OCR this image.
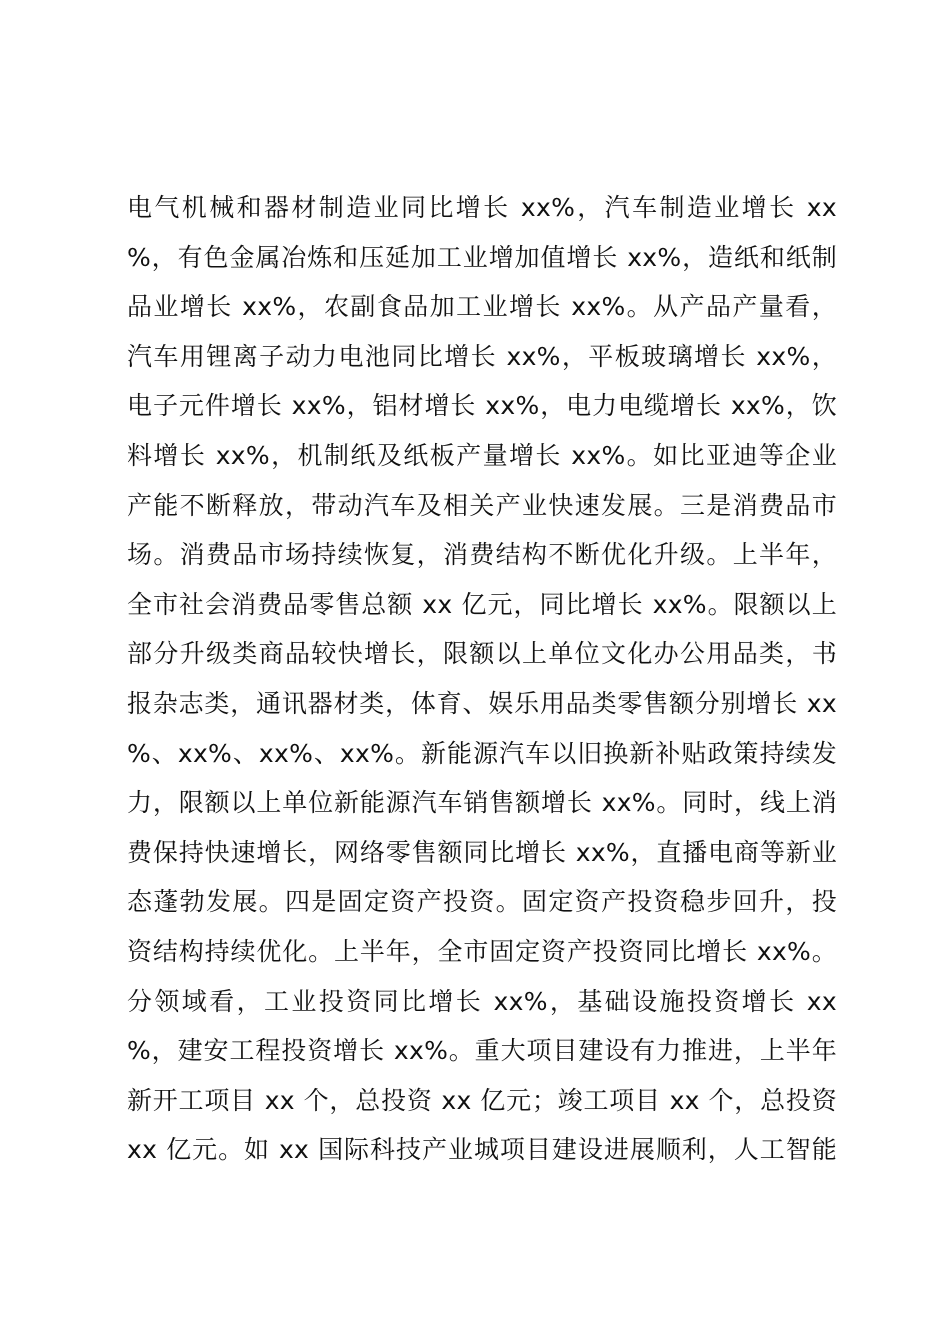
电气机械和器材制造业同比增长 xx%，汽车制造业增长 xx
%，有色金属冶炼和压延加工业增加值增长 xx%，造纸和纸制
品业增长 xx%，农副食品加工业增长 xx%。从产品产量看，
汽车用锂离子动力电池同比增长 xx%，平板玻璃增长 xx%，
电子元件增长 xx%，铝材增长 xx%，电力电缆增长 xx%，饮
料增长 xx%，机制纸及纸板产量增长 xx%。如比亚迪等企业
产能不断释放，带动汽车及相关产业快速发展。三是消费品市
场。消费品市场持续恢复，消费结构不断优化升级。上半年，
全市社会消费品零售总额 xx 亿元，同比增长 xx%。限额以上
部分升级类商品较快增长，限额以上单位文化办公用品类，书
报杂志类，通讯器材类，体育、娱乐用品类零售额分别增长 xx
%、xx%、xx%、xx%。新能源汽车以旧换新补贴政策持续发
力，限额以上单位新能源汽车销售额增长 xx%。同时，线上消
费保持快速增长，网络零售额同比增长 xx%，直播电商等新业
态蓬勃发展。四是固定资产投资。固定资产投资稳步回升，投
资结构持续优化。上半年，全市固定资产投资同比增长 xx%。
分领域看，工业投资同比增长 xx%，基础设施投资增长 xx
%，建安工程投资增长 xx%。重大项目建设有力推进，上半年
新开工项目 xx 个，总投资 xx 亿元；竣工项目 xx 个，总投资
xx 亿元。如 xx 国际科技产业城项目建设进展顺利，人工智能
